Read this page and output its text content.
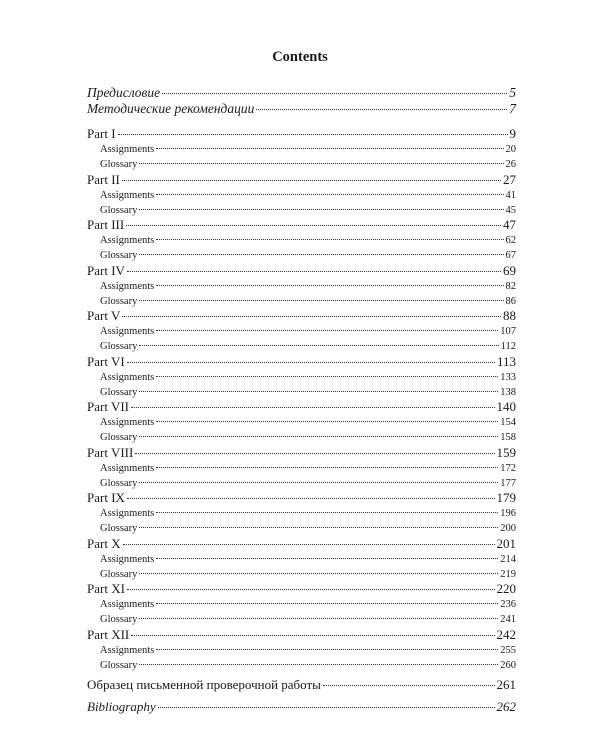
Contents
Предисловие	5
Методические рекомендации	7
Part I	9
Assignments	20
Glossary	26
Part II	27
Assignments	41
Glossary	45
Part III	47
Assignments	62
Glossary	67
Part IV	69
Assignments	82
Glossary	86
Part V	88
Assignments	107
Glossary	112
Part VI	113
Assignments	133
Glossary	138
Part VII	140
Assignments	154
Glossary	158
Part VIII	159
Assignments	172
Glossary	177
Part IX	179
Assignments	196
Glossary	200
Part X	201
Assignments	214
Glossary	219
Part XI	220
Assignments	236
Glossary	241
Part XII	242
Assignments	255
Glossary	260
Образец письменной проверочной работы	261
Bibliography	262
